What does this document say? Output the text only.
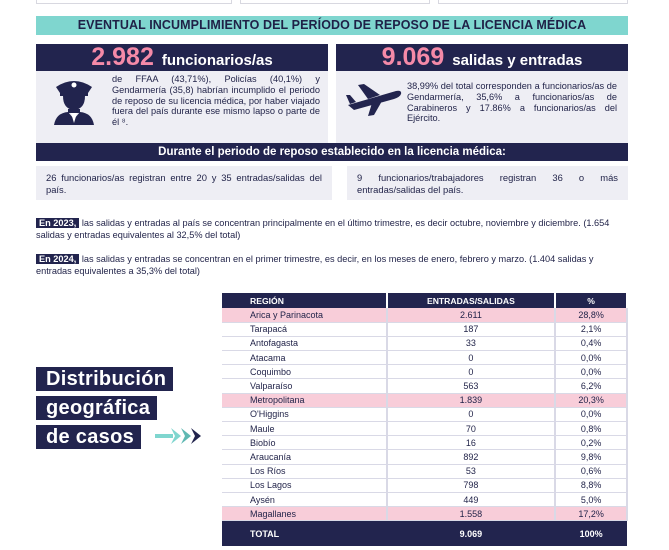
EVENTUAL INCUMPLIMIENTO DEL PERÍODO DE REPOSO DE LA LICENCIA MÉDICA
2.982 funcionarios/as
de FFAA (43,71%), Policías (40,1%) y Gendarmería (35,8) habrían incumplido el periodo de reposo de su licencia médica, por haber viajado fuera del país durante ese mismo lapso o parte de él ⁸.
9.069 salidas y entradas
38,99% del total corresponden a funcionarios/as de Gendarmería, 35,6% a funcionarios/as de Carabineros y 17.86% a funcionarios/as del Ejército.
Durante el periodo de reposo establecido en la licencia médica:
26 funcionarios/as registran entre 20 y 35 entradas/salidas del país.
9 funcionarios/trabajadores registran 36 o más entradas/salidas del país.
En 2023, las salidas y entradas al país se concentran principalmente en el último trimestre, es decir octubre, noviembre y diciembre. (1.654 salidas y entradas equivalentes al 32,5% del total)
En 2024, las salidas y entradas se concentran en el primer trimestre, es decir, en los meses de enero, febrero y marzo. (1.404 salidas y entradas equivalentes a 35,3% del total)
Distribución
geográfica
de casos
REGIÓN	ENTRADAS/SALIDAS	%
Arica y Parinacota	2.611	28,8%
Tarapacá	187	2,1%
Antofagasta	33	0,4%
Atacama	0	0,0%
Coquimbo	0	0,0%
Valparaíso	563	6,2%
Metropolitana	1.839	20,3%
O'Higgins	0	0,0%
Maule	70	0,8%
Biobío	16	0,2%
Araucanía	892	9,8%
Los Ríos	53	0,6%
Los Lagos	798	8,8%
Aysén	449	5,0%
Magallanes	1.558	17,2%
TOTAL	9.069	100%
